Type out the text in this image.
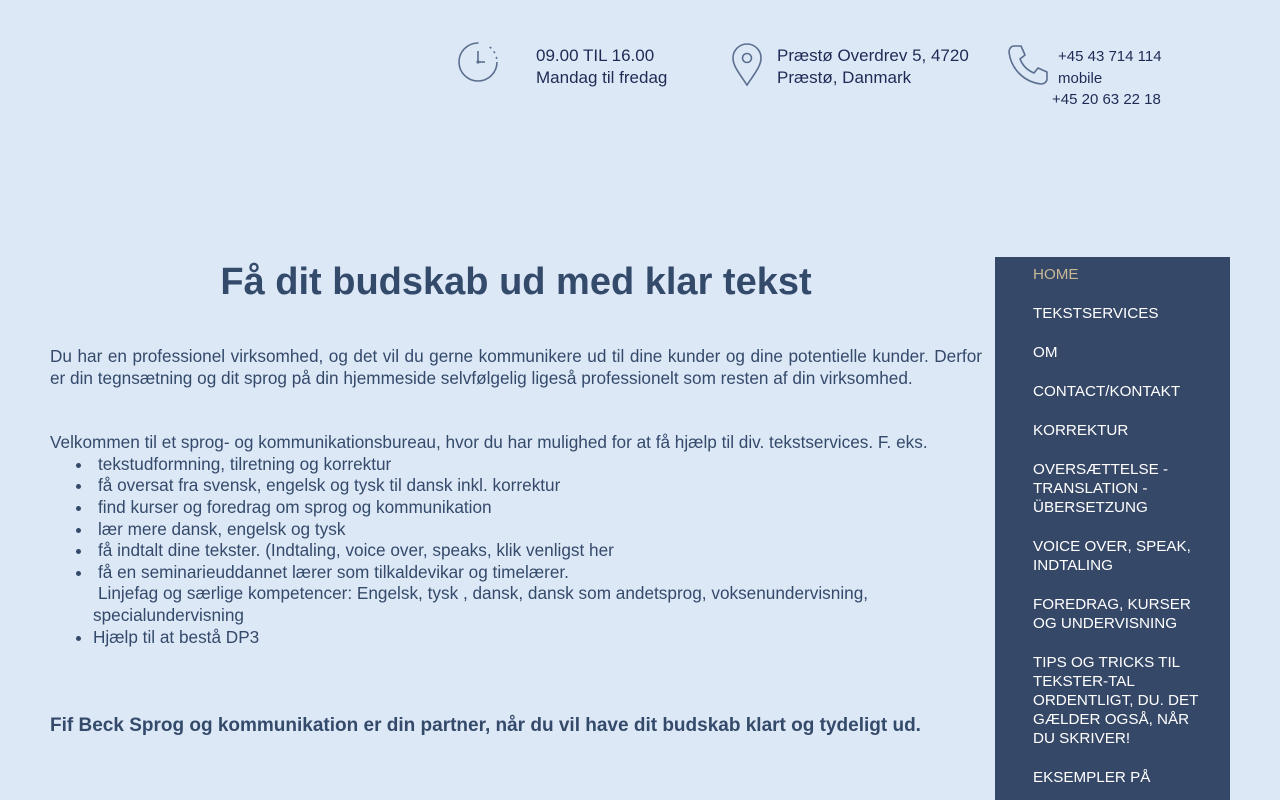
09.00 TIL 16.00
Mandag til fredag
Præstø Overdrev 5, 4720
Præstø, Danmark
+45 43 714 114
mobile
+45 20 63 22 18
Få dit budskab ud med klar tekst

Du har en professionel virksomhed, og det vil du gerne kommunikere ud til dine kunder og dine potentielle kunder. Derfor er din tegnsætning og dit sprog på din hjemmeside selvfølgelig ligeså professionelt som resten af din virksomhed.

Velkommen til et sprog- og kommunikationsbureau, hvor du har mulighed for at få hjælp til div. tekstservices. F. eks.

• tekstudformning, tilretning og korrektur
• få oversat fra svensk, engelsk og tysk til dansk inkl. korrektur
• find kurser og foredrag om sprog og kommunikation
• lær mere dansk, engelsk og tysk
• få indtalt dine tekster. (Indtaling, voice over, speaks, klik venligst her
• få en seminarieuddannet lærer som tilkaldevikar og timelærer.
Linjefag og særlige kompetencer: Engelsk, tysk , dansk, dansk som andetsprog, voksenundervisning,
specialundervisning
• Hjælp til at bestå DP3

Fif Beck Sprog og kommunikation er din partner, når du vil have dit budskab klart og tydeligt ud.

HOME
TEKSTSERVICES
OM
CONTACT/KONTAKT
KORREKTUR
OVERSÆTTELSE - TRANSLATION - ÜBERSETZUNG
VOICE OVER, SPEAK, INDTALING
FOREDRAG, KURSER OG UNDERVISNING
TIPS OG TRICKS TIL TEKSTER-TAL ORDENTLIGT, DU. DET GÆLDER OGSÅ, NÅR DU SKRIVER!
EKSEMPLER PÅ
